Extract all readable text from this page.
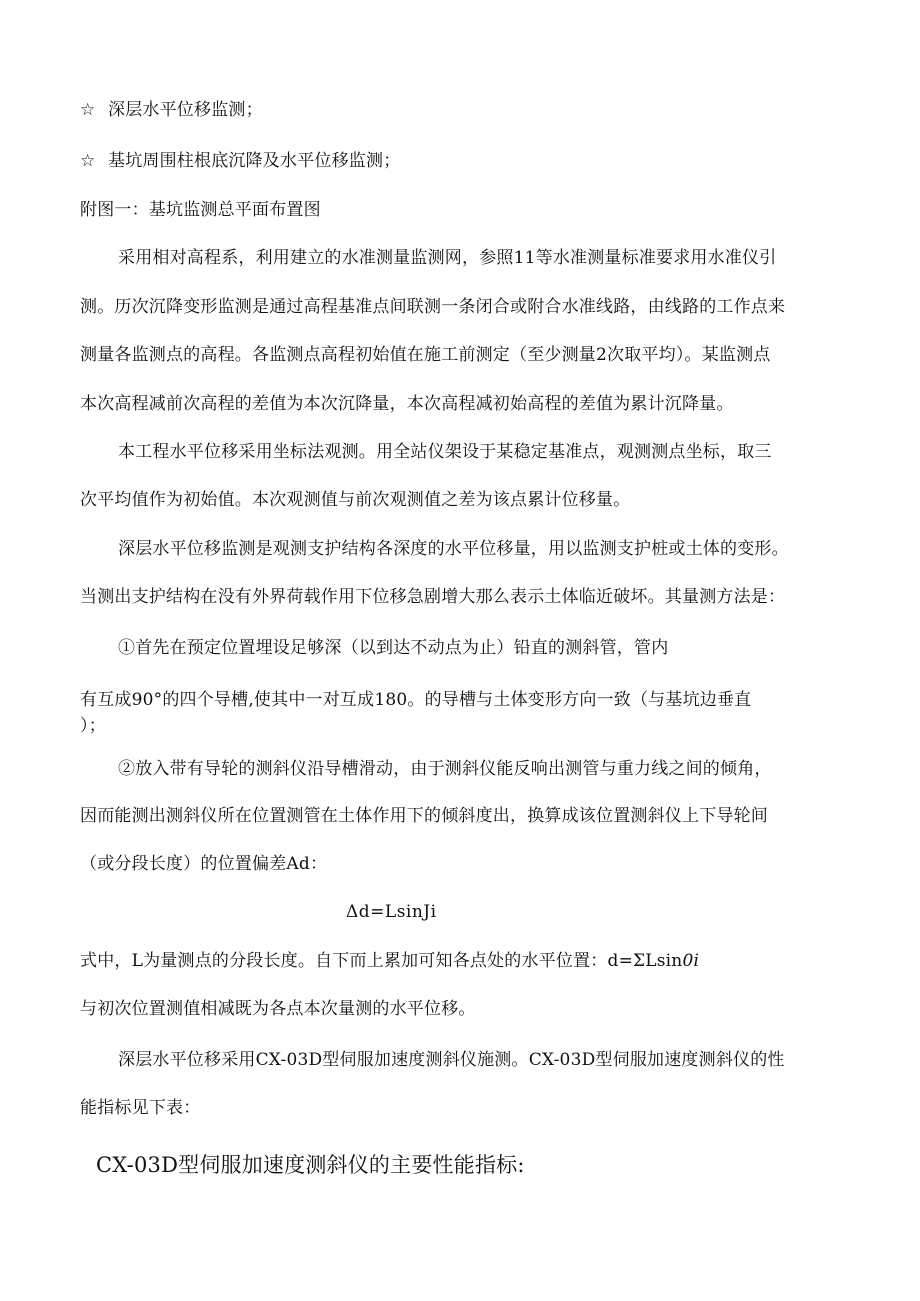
☆ 深层水平位移监测；
☆ 基坑周围柱根底沉降及水平位移监测；
附图一：基坑监测总平面布置图
采用相对高程系，利用建立的水准测量监测网，参照11等水准测量标准要求用水准仪引
测。历次沉降变形监测是通过高程基准点间联测一条闭合或附合水准线路，由线路的工作点来
测量各监测点的高程。各监测点高程初始值在施工前测定（至少测量2次取平均）。某监测点
本次高程减前次高程的差值为本次沉降量，本次高程减初始高程的差值为累计沉降量。
本工程水平位移采用坐标法观测。用全站仪架设于某稳定基准点，观测测点坐标，取三
次平均值作为初始值。本次观测值与前次观测值之差为该点累计位移量。
深层水平位移监测是观测支护结构各深度的水平位移量，用以监测支护桩或土体的变形。
当测出支护结构在没有外界荷载作用下位移急剧增大那么表示土体临近破坏。其量测方法是：
①首先在预定位置埋设足够深（以到达不动点为止）铅直的测斜管，管内
有互成90°的四个导槽,使其中一对互成180。的导槽与土体变形方向一致（与基坑边垂直
）；
②放入带有导轮的测斜仪沿导槽滑动，由于测斜仪能反响出测管与重力线之间的倾角，
因而能测出测斜仪所在位置测管在土体作用下的倾斜度出，换算成该位置测斜仪上下导轮间
（或分段长度）的位置偏差Ad：
Δd=LsinJi
式中，L为量测点的分段长度。自下而上累加可知各点处的水平位置：d=ΣLsin0i
与初次位置测值相减既为各点本次量测的水平位移。
深层水平位移采用CX-03D型伺服加速度测斜仪施测。CX-03D型伺服加速度测斜仪的性
能指标见下表：
CX-03D型伺服加速度测斜仪的主要性能指标:
